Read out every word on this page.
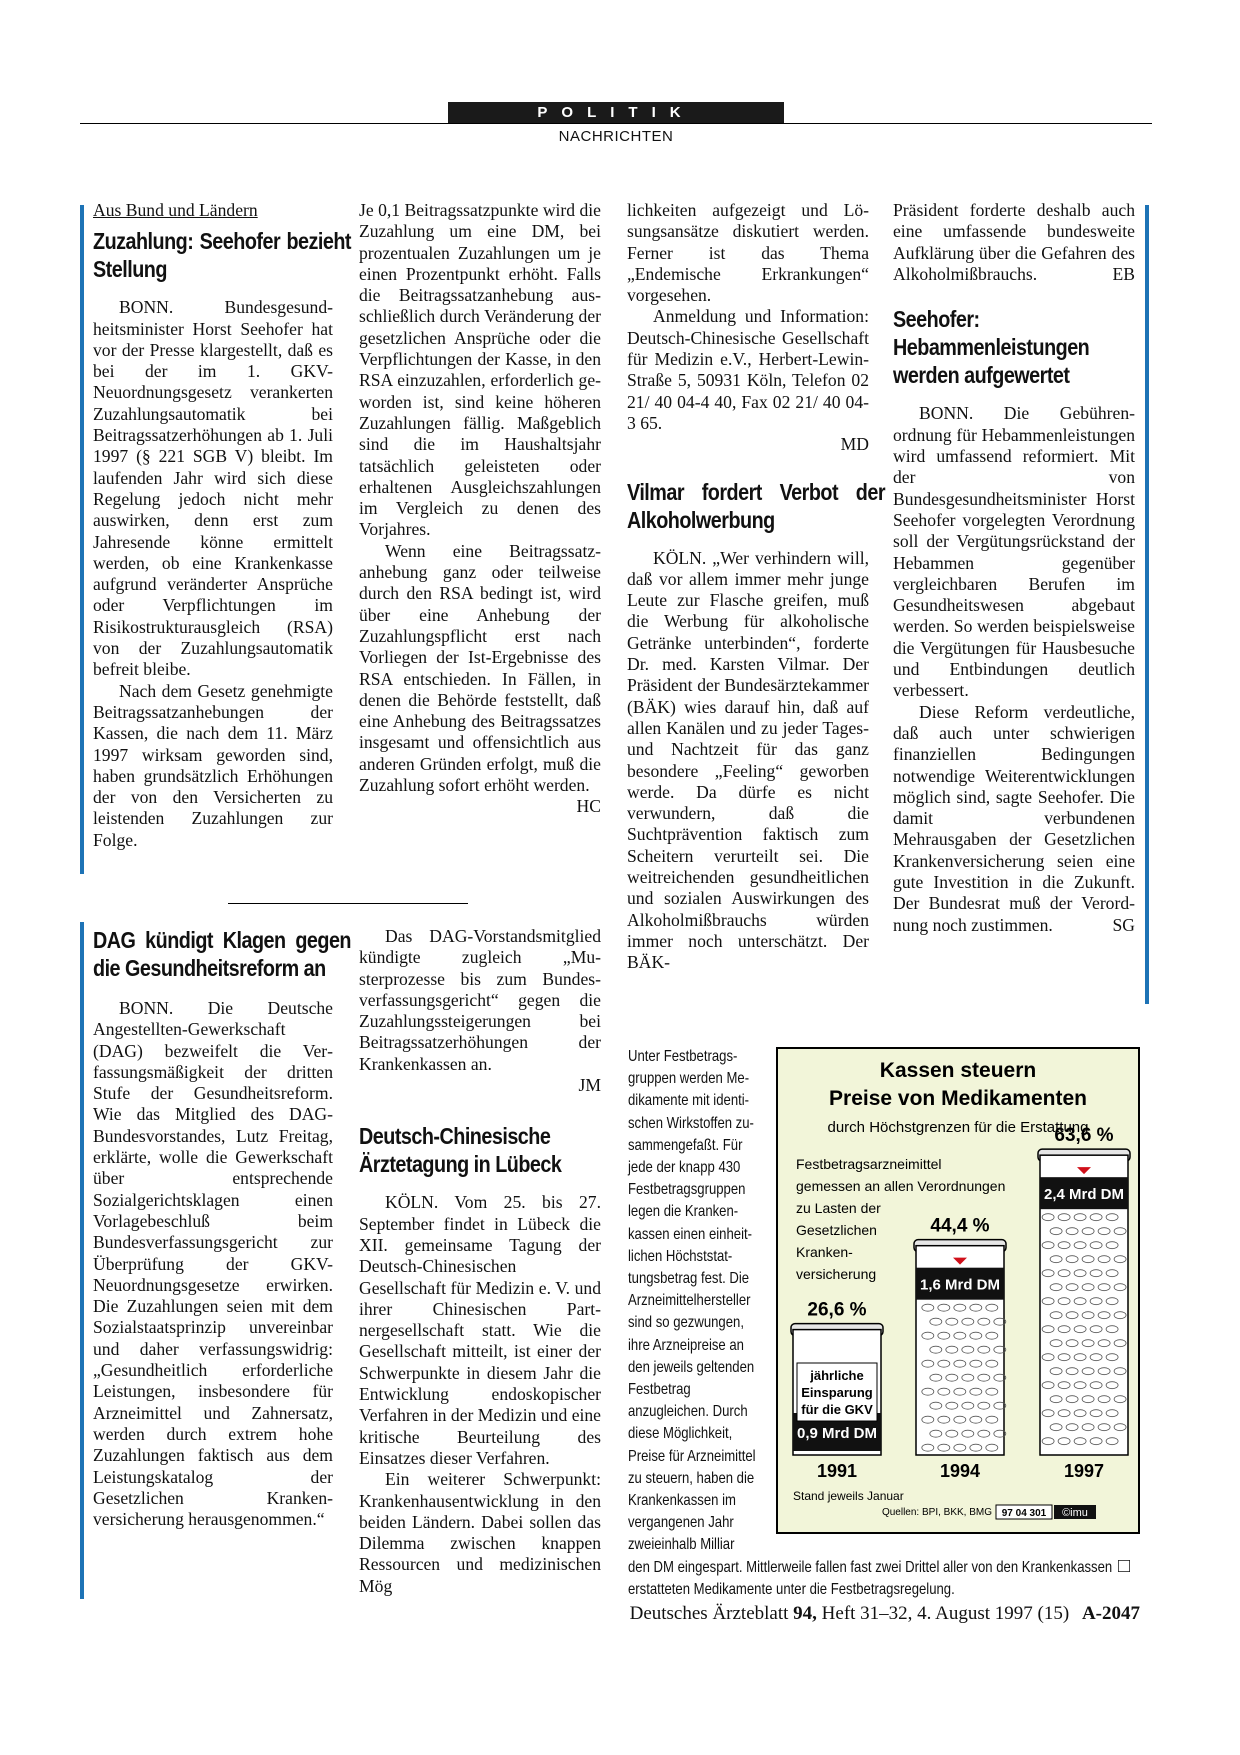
POLITIK
NACHRICHTEN
Aus Bund und Ländern
Zuzahlung: Seehofer bezieht Stellung

BONN. Bundesgesundheitsminister Horst Seehofer hat vor der Presse klargestellt, daß es bei der im 1. GKV-Neuordnungsgesetz verankerten Zuzahlungsautomatik bei Beitragssatzerhöhungen ab 1. Juli 1997 (§ 221 SGB V) bleibt. Im laufenden Jahr wird sich diese Regelung jedoch nicht mehr auswirken, denn erst zum Jahresende könne ermittelt werden, ob eine Krankenkasse aufgrund veränderter Ansprüche oder Verpflichtungen im Risikostrukturausgleich (RSA) von der Zuzahlungsautomatik befreit bleibe.

Nach dem Gesetz genehmigte Beitragssatzanhebungen der Kassen, die nach dem 11. März 1997 wirksam geworden sind, haben grundsätzlich Erhöhungen der von den Versicherten zu leistenden Zuzahlungen zur Folge.

DAG kündigt Klagen gegen die Gesundheitsreform an

BONN. Die Deutsche Angestellten-Gewerkschaft (DAG) bezweifelt die Verfassungsmäßigkeit der dritten Stufe der Gesundheitsreform. Wie das Mitglied des DAG-Bundesvorstandes, Lutz Freitag, erklärte, wolle die Gewerkschaft über entsprechende Sozialgerichtsklagen einen Vorlagebeschluß beim Bundesverfassungsgericht zur Überprüfung der GKV-Neuordnungsgesetze erwirken. Die Zuzahlungen seien mit dem Sozialstaatsprinzip unvereinbar und daher verfassungswidrig: „Gesundheitlich erforderliche Leistungen, insbesondere für Arzneimittel und Zahnersatz, werden durch extrem hohe Zuzahlungen faktisch aus dem Leistungskatalog der Gesetzlichen Krankenversicherung herausgenommen.“

Je 0,1 Beitragssatzpunkte wird die Zuzahlung um eine DM, bei prozentualen Zuzahlungen um je einen Prozentpunkt erhöht. Falls die Beitragssatzanhebung ausschließlich durch Veränderung der gesetzlichen Ansprüche oder die Verpflichtungen der Kasse, in den RSA einzuzahlen, erforderlich geworden ist, sind keine höheren Zuzahlungen fällig. Maßgeblich sind die im Haushaltsjahr tatsächlich geleisteten oder erhaltenen Ausgleichszahlungen im Vergleich zu denen des Vorjahres.

Wenn eine Beitragssatzanhebung ganz oder teilweise durch den RSA bedingt ist, wird über eine Anhebung der Zuzahlungspflicht erst nach Vorliegen der Ist-Ergebnisse des RSA entschieden. In Fällen, in denen die Behörde feststellt, daß eine Anhebung des Beitragssatzes insgesamt und offensichtlich aus anderen Gründen erfolgt, muß die Zuzahlung sofort erhöht werden.

HC

Das DAG-Vorstandsmitglied kündigte zugleich „Musterprozesse bis zum Bundesverfassungsgericht“ gegen die Zuzahlungssteigerungen bei Beitragssatzerhöhungen der Krankenkassen an.

JM

Deutsch-Chinesische Ärztetagung in Lübeck

KÖLN. Vom 25. bis 27. September findet in Lübeck die XII. gemeinsame Tagung der Deutsch-Chinesischen Gesellschaft für Medizin e. V. und ihrer Chinesischen Partnergesellschaft statt. Wie die Gesellschaft mitteilt, ist einer der Schwerpunkte in diesem Jahr die Entwicklung endoskopischer Verfahren in der Medizin und eine kritische Beurteilung des Einsatzes dieser Verfahren.

Ein weiterer Schwerpunkt: Krankenhausentwicklung in den beiden Ländern. Dabei sollen das Dilemma zwischen knappen Ressourcen und medizinischen Mög

lichkeiten aufgezeigt und Lösungsansätze diskutiert werden. Ferner ist das Thema „Endemische Erkrankungen“ vorgesehen.

Anmeldung und Information: Deutsch-Chinesische Gesellschaft für Medizin e.V., Herbert-Lewin-Straße 5, 50931 Köln, Telefon 02 21/ 40 04-4 40, Fax 02 21/ 40 04-3 65.

MD

Vilmar fordert Verbot der Alkoholwerbung

KÖLN. „Wer verhindern will, daß vor allem immer mehr junge Leute zur Flasche greifen, muß die Werbung für alkoholische Getränke unterbinden“, forderte Dr. med. Karsten Vilmar. Der Präsident der Bundesärztekammer (BÄK) wies darauf hin, daß auf allen Kanälen und zu jeder Tages- und Nachtzeit für das ganz besondere „Feeling“ geworben werde. Da dürfe es nicht verwundern, daß die Suchtprävention faktisch zum Scheitern verurteilt sei. Die weitreichenden gesundheitlichen und sozialen Auswirkungen des Alkoholmißbrauchs würden immer noch unterschätzt. Der BÄK-

Präsident forderte deshalb auch eine umfassende bundesweite Aufklärung über die Gefahren des Alkoholmißbrauchs.	EB

Seehofer: Hebammenleistungen werden aufgewertet

BONN. Die Gebührenordnung für Hebammenleistungen wird umfassend reformiert. Mit der von Bundesgesundheitsminister Horst Seehofer vorgelegten Verordnung soll der Vergütungsrückstand der Hebammen gegenüber vergleichbaren Berufen im Gesundheitswesen abgebaut werden. So werden beispielsweise die Vergütungen für Hausbesuche und Entbindungen deutlich verbessert.

Diese Reform verdeutliche, daß auch unter schwierigen finanziellen Bedingungen notwendige Weiterentwicklungen möglich sind, sagte Seehofer. Die damit verbundenen Mehrausgaben der Gesetzlichen Krankenversicherung seien eine gute Investition in die Zukunft. Der Bundesrat muß der Verordnung noch zustimmen.	SG

Unter Festbetragsgruppen werden Medikamente mit identischen Wirkstoffen zusammengefaßt. Für jede der knapp 430 Festbetragsgruppen legen die Krankenkassen einen einheitlichen Höchststattungsbetrag fest. Die Arzneimittelhersteller sind so gezwungen, ihre Arzneipreise an den jeweils geltenden Festbetrag anzugleichen. Durch diese Möglichkeit, Preise für Arzneimittel zu steuern, haben die Krankenkassen im vergangenen Jahr zweieinhalb Milliar
den DM eingespart. Mittlerweile fallen fast zwei Drittel aller von den Krankenkassen erstatteten Medikamente unter die Festbetragsregelung.
□
Kassen steuern
Preise von Medikamenten
durch Höchstgrenzen für die Erstattung
Festbetragsarzneimittel
gemessen an allen Verordnungen
zu Lasten der
Gesetzlichen
Kranken-
versicherung
0,9 Mrd DM
26,6 %
1991
1,6 Mrd DM
44,4 %
1994
2,4 Mrd DM
63,6 %
1997
jährliche
Einsparung
für die GKV
Stand jeweils Januar
Quellen: BPI, BKK, BMG 97 04 301 ©imu
Deutsches Ärzteblatt 94, Heft 31–32, 4. August 1997 (15) A-2047
